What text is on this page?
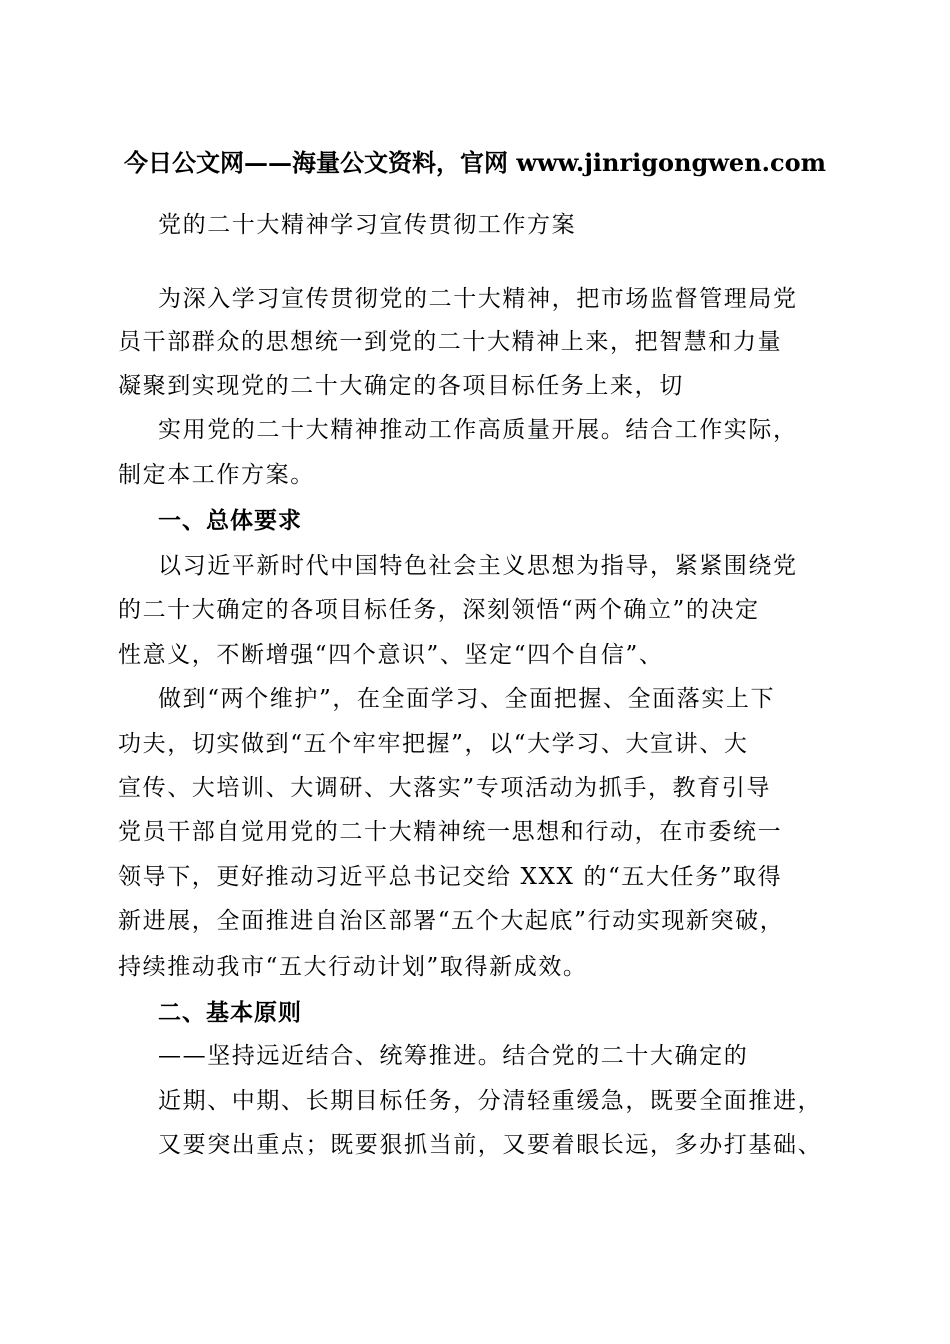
今日公文网——海量公文资料，官网 www.jinrigongwen.com
党的二十大精神学习宣传贯彻工作方案
为深入学习宣传贯彻党的二十大精神，把市场监督管理局党
员干部群众的思想统一到党的二十大精神上来，把智慧和力量
凝聚到实现党的二十大确定的各项目标任务上来，切
实用党的二十大精神推动工作高质量开展。结合工作实际，
制定本工作方案。
一、总体要求
以习近平新时代中国特色社会主义思想为指导，紧紧围绕党
的二十大确定的各项目标任务，深刻领悟“两个确立”的决定
性意义，不断增强“四个意识”、坚定“四个自信”、
做到“两个维护”，在全面学习、全面把握、全面落实上下
功夫，切实做到“五个牢牢把握”，以“大学习、大宣讲、大
宣传、大培训、大调研、大落实”专项活动为抓手，教育引导
党员干部自觉用党的二十大精神统一思想和行动，在市委统一
领导下，更好推动习近平总书记交给 XXX 的“五大任务”取得
新进展，全面推进自治区部署“五个大起底”行动实现新突破，
持续推动我市“五大行动计划”取得新成效。
二、基本原则
——坚持远近结合、统筹推进。结合党的二十大确定的
近期、中期、长期目标任务，分清轻重缓急，既要全面推进，
又要突出重点；既要狠抓当前，又要着眼长远，多办打基础、
